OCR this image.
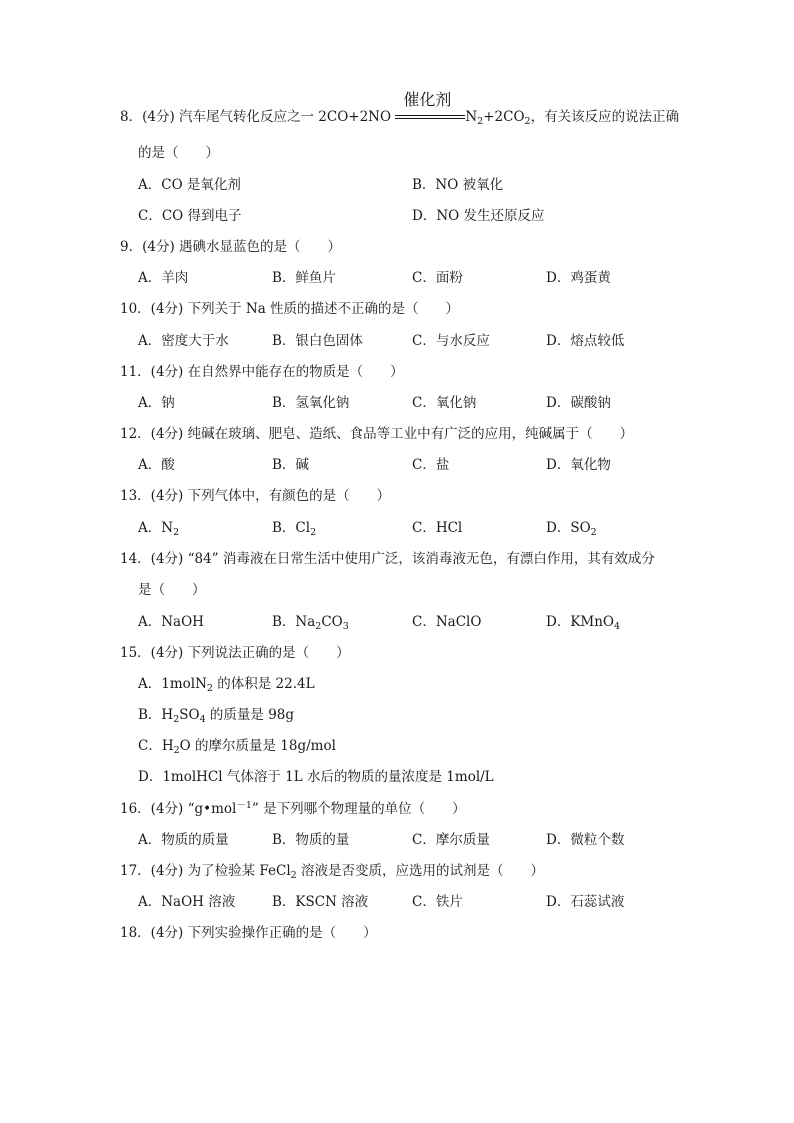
8．(4分) 汽车尾气转化反应之一 2CO+2NO
催化剂
$N_2+2CO_2$，有关该反应的说法正确
的是（　　）
A．CO 是氧化剂	B．NO 被氧化
C．CO 得到电子	D．NO 发生还原反应
9．(4分) 遇碘水显蓝色的是（　　）
A．羊肉	B．鲜鱼片	C．面粉	D．鸡蛋黄
10．(4分) 下列关于 Na 性质的描述不正确的是（　　）
A．密度大于水	B．银白色固体	C．与水反应	D．熔点较低
11．(4分) 在自然界中能存在的物质是（　　）
A．钠	B．氢氧化钠	C．氧化钠	D．碳酸钠
12．(4分) 纯碱在玻璃、肥皂、造纸、食品等工业中有广泛的应用，纯碱属于（　　）
A．酸	B．碱	C．盐	D．氧化物
13．(4分) 下列气体中，有颜色的是（　　）
A．$N_2$	B．$Cl_2$	C．HCl	D．$SO_2$
14．(4分) “84” 消毒液在日常生活中使用广泛，该消毒液无色，有漂白作用，其有效成分
是（　　）
A．NaOH	B．$Na_2CO_3$	C．NaClO	D．KMnO$_4$
15．(4分) 下列说法正确的是（　　）
A．1molN$_2$ 的体积是 22.4L
B．$H_2SO_4$ 的质量是 98g
C．$H_2O$ 的摩尔质量是 18g/mol
D．1molHCl 气体溶于 1L 水后的物质的量浓度是 1mol/L
16．(4分) “g•mol$^{-1}$” 是下列哪个物理量的单位（　　）
A．物质的质量	B．物质的量	C．摩尔质量	D．微粒个数
17．(4分) 为了检验某 FeCl$_2$ 溶液是否变质，应选用的试剂是（　　）
A．NaOH 溶液	B．KSCN 溶液	C．铁片	D．石蕊试液
18．(4分) 下列实验操作正确的是（　　）
